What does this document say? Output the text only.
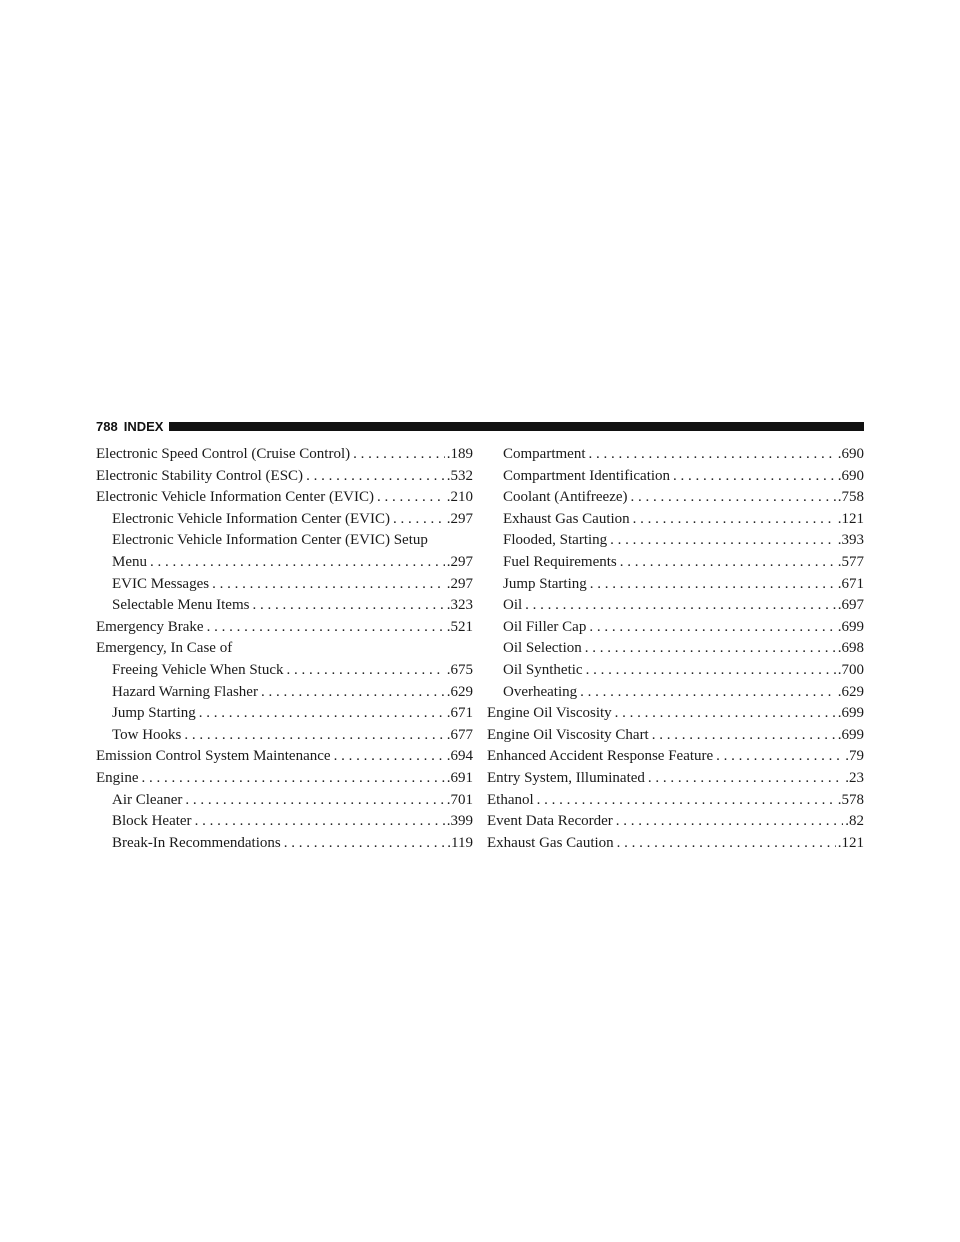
788 INDEX
Electronic Speed Control (Cruise Control) . . .	.189
Electronic Stability Control (ESC) . . .	.532
Electronic Vehicle Information Center (EVIC) . . .	.210
Electronic Vehicle Information Center (EVIC) . . .	.297
Electronic Vehicle Information Center (EVIC) Setup
Menu . . .	.297
EVIC Messages . . .	.297
Selectable Menu Items . . .	.323
Emergency Brake . . .	.521
Emergency, In Case of
Freeing Vehicle When Stuck . . .	.675
Hazard Warning Flasher . . .	.629
Jump Starting . . .	.671
Tow Hooks . . .	.677
Emission Control System Maintenance . . .	.694
Engine . . .	.691
Air Cleaner . . .	.701
Block Heater . . .	.399
Break-In Recommendations . . .	.119
Compartment . . .	.690
Compartment Identification . . .	.690
Coolant (Antifreeze) . . .	.758
Exhaust Gas Caution . . .	.121
Flooded, Starting . . .	.393
Fuel Requirements . . .	.577
Jump Starting . . .	.671
Oil . . .	.697
Oil Filler Cap . . .	.699
Oil Selection . . .	.698
Oil Synthetic . . .	.700
Overheating . . .	.629
Engine Oil Viscosity . . .	.699
Engine Oil Viscosity Chart . . .	.699
Enhanced Accident Response Feature . . .	.79
Entry System, Illuminated . . .	.23
Ethanol . . .	.578
Event Data Recorder . . .	.82
Exhaust Gas Caution . . .	.121
